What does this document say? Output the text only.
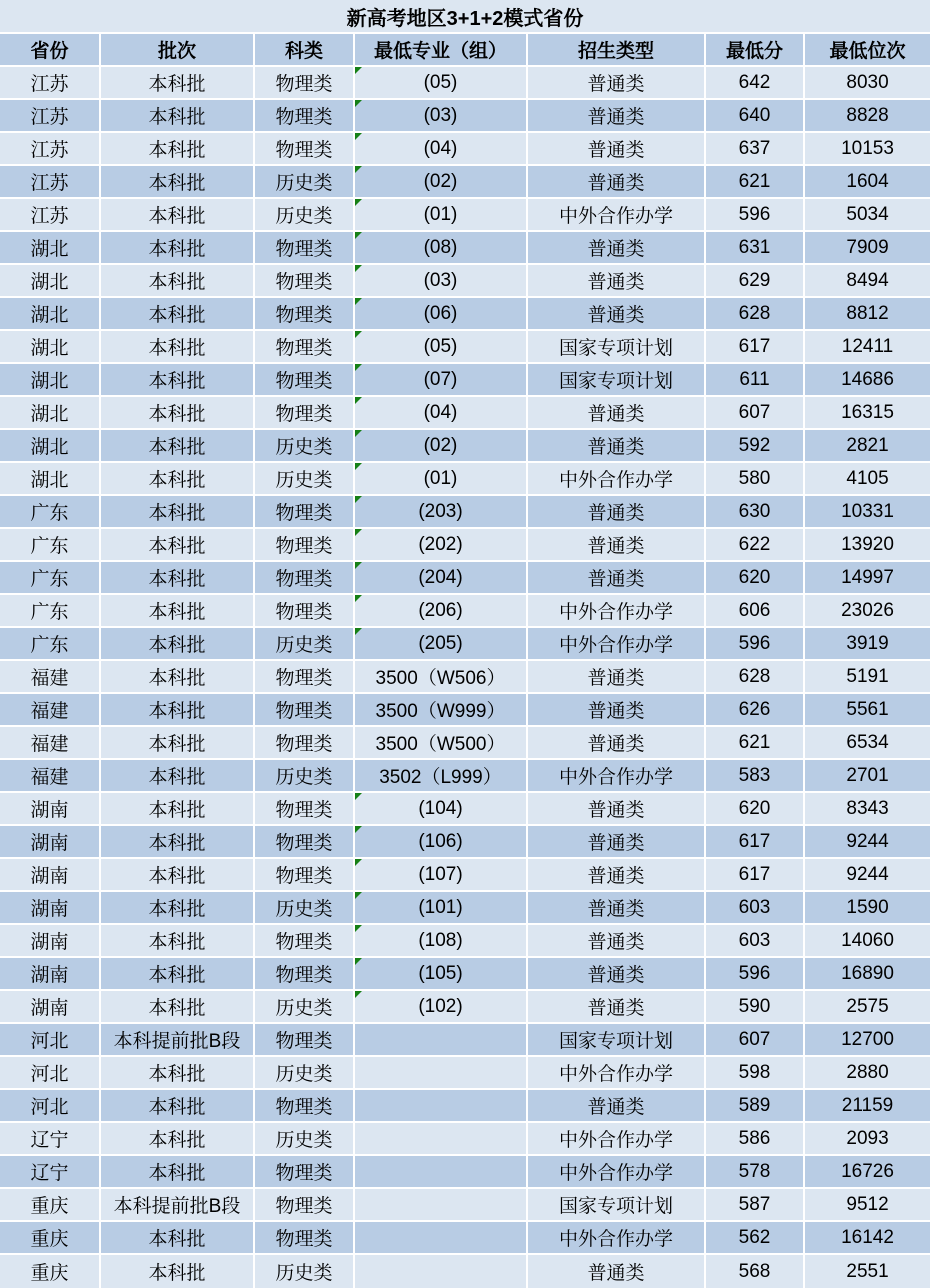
新高考地区3+1+2模式省份						
省份	批次	科类	最低专业（组）	招生类型	最低分	最低位次
江苏	本科批	物理类	(05)	普通类	642	8030
江苏	本科批	物理类	(03)	普通类	640	8828
江苏	本科批	物理类	(04)	普通类	637	10153
江苏	本科批	历史类	(02)	普通类	621	1604
江苏	本科批	历史类	(01)	中外合作办学	596	5034
湖北	本科批	物理类	(08)	普通类	631	7909
湖北	本科批	物理类	(03)	普通类	629	8494
湖北	本科批	物理类	(06)	普通类	628	8812
湖北	本科批	物理类	(05)	国家专项计划	617	12411
湖北	本科批	物理类	(07)	国家专项计划	611	14686
湖北	本科批	物理类	(04)	普通类	607	16315
湖北	本科批	历史类	(02)	普通类	592	2821
湖北	本科批	历史类	(01)	中外合作办学	580	4105
广东	本科批	物理类	(203)	普通类	630	10331
广东	本科批	物理类	(202)	普通类	622	13920
广东	本科批	物理类	(204)	普通类	620	14997
广东	本科批	物理类	(206)	中外合作办学	606	23026
广东	本科批	历史类	(205)	中外合作办学	596	3919
福建	本科批	物理类	3500（W506）	普通类	628	5191
福建	本科批	物理类	3500（W999）	普通类	626	5561
福建	本科批	物理类	3500（W500）	普通类	621	6534
福建	本科批	历史类	3502（L999）	中外合作办学	583	2701
湖南	本科批	物理类	(104)	普通类	620	8343
湖南	本科批	物理类	(106)	普通类	617	9244
湖南	本科批	物理类	(107)	普通类	617	9244
湖南	本科批	历史类	(101)	普通类	603	1590
湖南	本科批	物理类	(108)	普通类	603	14060
湖南	本科批	物理类	(105)	普通类	596	16890
湖南	本科批	历史类	(102)	普通类	590	2575
河北	本科提前批B段	物理类		国家专项计划	607	12700
河北	本科批	历史类		中外合作办学	598	2880
河北	本科批	物理类		普通类	589	21159
辽宁	本科批	历史类		中外合作办学	586	2093
辽宁	本科批	物理类		中外合作办学	578	16726
重庆	本科提前批B段	物理类		国家专项计划	587	9512
重庆	本科批	物理类		中外合作办学	562	16142
重庆	本科批	历史类		普通类	568	2551
